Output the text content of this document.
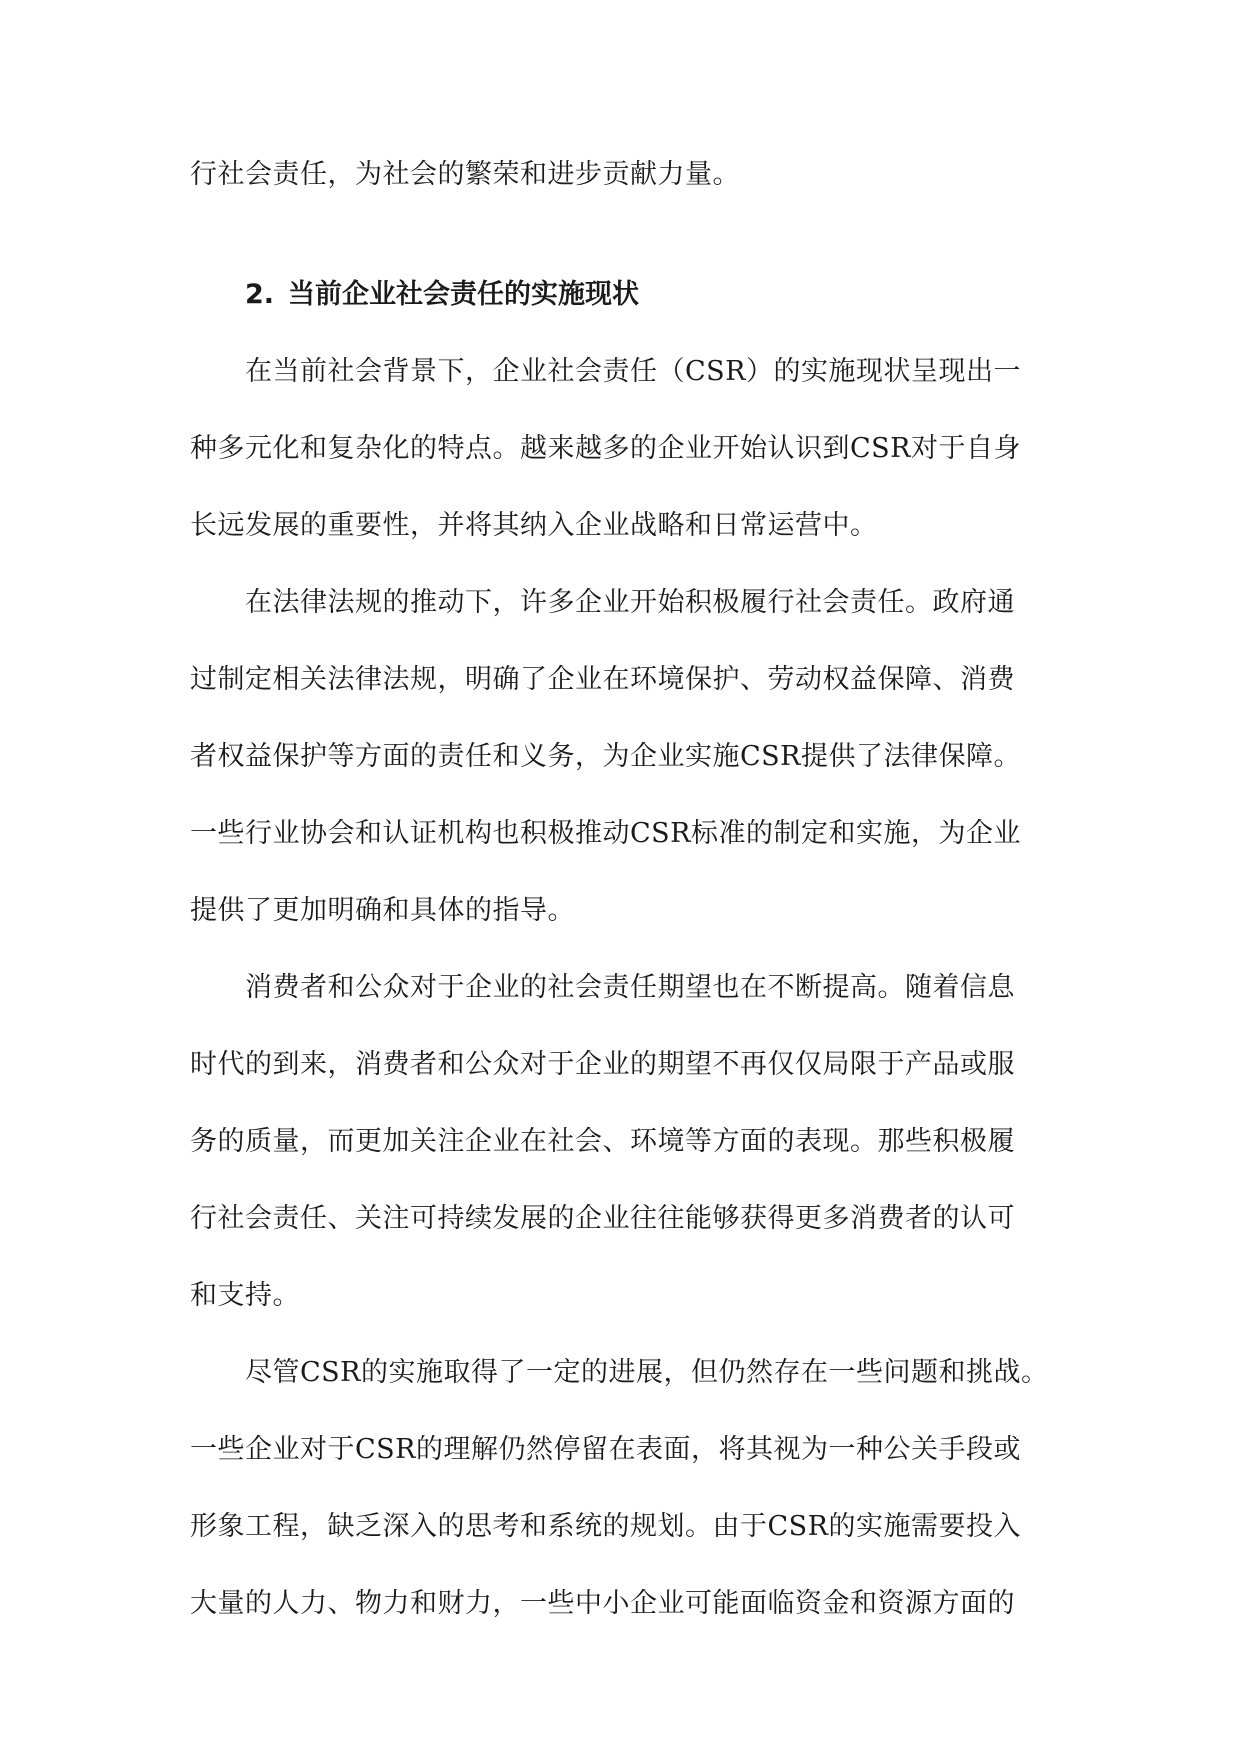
行社会责任，为社会的繁荣和进步贡献力量。
2. 当前企业社会责任的实施现状
在当前社会背景下，企业社会责任（CSR）的实施现状呈现出一
种多元化和复杂化的特点。越来越多的企业开始认识到CSR对于自身
长远发展的重要性，并将其纳入企业战略和日常运营中。
在法律法规的推动下，许多企业开始积极履行社会责任。政府通
过制定相关法律法规，明确了企业在环境保护、劳动权益保障、消费
者权益保护等方面的责任和义务，为企业实施CSR提供了法律保障。
一些行业协会和认证机构也积极推动CSR标准的制定和实施，为企业
提供了更加明确和具体的指导。
消费者和公众对于企业的社会责任期望也在不断提高。随着信息
时代的到来，消费者和公众对于企业的期望不再仅仅局限于产品或服
务的质量，而更加关注企业在社会、环境等方面的表现。那些积极履
行社会责任、关注可持续发展的企业往往能够获得更多消费者的认可
和支持。
尽管CSR的实施取得了一定的进展，但仍然存在一些问题和挑战。
一些企业对于CSR的理解仍然停留在表面，将其视为一种公关手段或
形象工程，缺乏深入的思考和系统的规划。由于CSR的实施需要投入
大量的人力、物力和财力，一些中小企业可能面临资金和资源方面的
